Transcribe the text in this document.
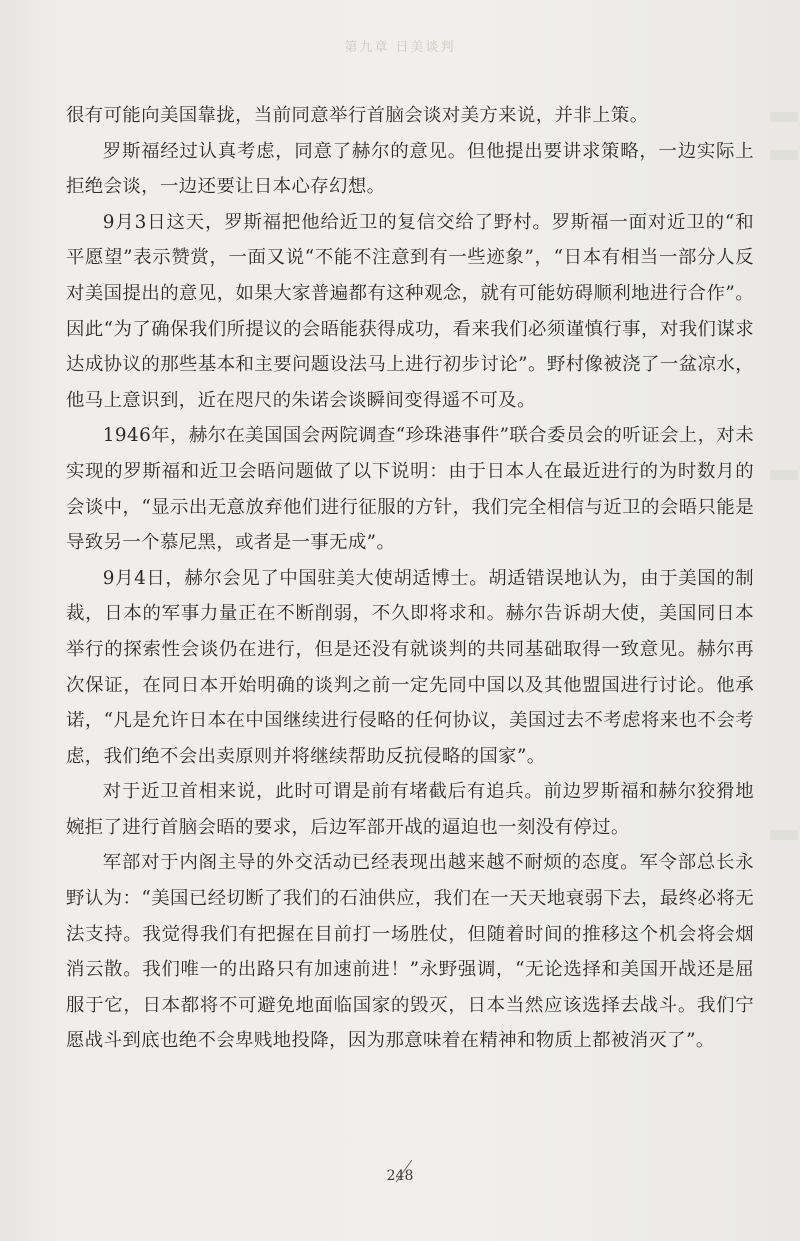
第九章 日美谈判

很有可能向美国靠拢，当前同意举行首脑会谈对美方来说，并非上策。

罗斯福经过认真考虑，同意了赫尔的意见。但他提出要讲求策略，一边实际上拒绝会谈，一边还要让日本心存幻想。

9月3日这天，罗斯福把他给近卫的复信交给了野村。罗斯福一面对近卫的“和平愿望”表示赞赏，一面又说“不能不注意到有一些迹象”，“日本有相当一部分人反对美国提出的意见，如果大家普遍都有这种观念，就有可能妨碍顺利地进行合作”。因此“为了确保我们所提议的会晤能获得成功，看来我们必须谨慎行事，对我们谋求达成协议的那些基本和主要问题设法马上进行初步讨论”。野村像被浇了一盆凉水，他马上意识到，近在咫尺的朱诺会谈瞬间变得遥不可及。

1946年，赫尔在美国国会两院调查“珍珠港事件”联合委员会的听证会上，对未实现的罗斯福和近卫会晤问题做了以下说明：由于日本人在最近进行的为时数月的会谈中，“显示出无意放弃他们进行征服的方针，我们完全相信与近卫的会晤只能是导致另一个慕尼黑，或者是一事无成”。

9月4日，赫尔会见了中国驻美大使胡适博士。胡适错误地认为，由于美国的制裁，日本的军事力量正在不断削弱，不久即将求和。赫尔告诉胡大使，美国同日本举行的探索性会谈仍在进行，但是还没有就谈判的共同基础取得一致意见。赫尔再次保证，在同日本开始明确的谈判之前一定先同中国以及其他盟国进行讨论。他承诺，“凡是允许日本在中国继续进行侵略的任何协议，美国过去不考虑将来也不会考虑，我们绝不会出卖原则并将继续帮助反抗侵略的国家”。

对于近卫首相来说，此时可谓是前有堵截后有追兵。前边罗斯福和赫尔狡猾地婉拒了进行首脑会晤的要求，后边军部开战的逼迫也一刻没有停过。

军部对于内阁主导的外交活动已经表现出越来越不耐烦的态度。军令部总长永野认为：“美国已经切断了我们的石油供应，我们在一天天地衰弱下去，最终必将无法支持。我觉得我们有把握在目前打一场胜仗，但随着时间的推移这个机会将会烟消云散。我们唯一的出路只有加速前进！”永野强调，“无论选择和美国开战还是屈服于它，日本都将不可避免地面临国家的毁灭，日本当然应该选择去战斗。我们宁愿战斗到底也绝不会卑贱地投降，因为那意味着在精神和物质上都被消灭了”。

248
